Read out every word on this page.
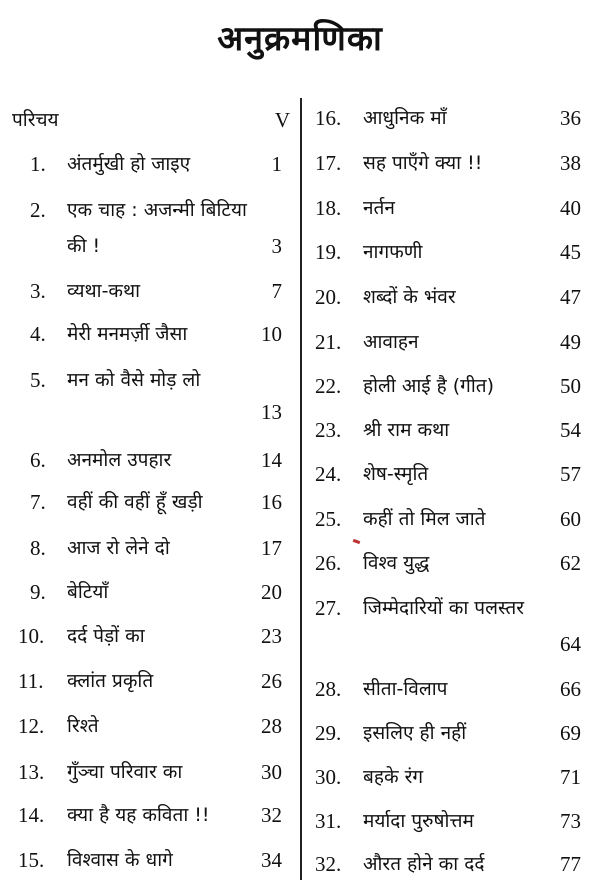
अनुक्रमणिका
परिचय	V
1. अंतर्मुखी हो जाइए	1
2. एक चाह : अजन्मी बिटिया
की !	3
3. व्यथा-कथा	7
4. मेरी मनमर्ज़ी जैसा	10
5. मन को वैसे मोड़ लो
13
6. अनमोल उपहार	14
7. वहीं की वहीं हूँ खड़ी	16
8. आज रो लेने दो	17
9. बेटियाँ	20
10. दर्द पेड़ों का	23
11. क्लांत प्रकृति	26
12. रिश्ते	28
13. गुँञ्चा परिवार का	30
14. क्या है यह कविता !! 32
15. विश्वास के धागे	34
16. आधुनिक माँ	36
17. सह पाएँगे क्या !!	38
18. नर्तन	40
19. नागफणी	45
20. शब्दों के भंवर	47
21. आवाहन	49
22. होली आई है (गीत)	50
23. श्री राम कथा	54
24. शेष-स्मृति	57
25. कहीं तो मिल जाते	60
26. विश्व युद्ध	62
27. जिम्मेदारियों का पलस्तर
64
28. सीता-विलाप	66
29. इसलिए ही नहीं	69
30. बहके रंग	71
31. मर्यादा पुरुषोत्तम	73
32. औरत होने का दर्द	77
